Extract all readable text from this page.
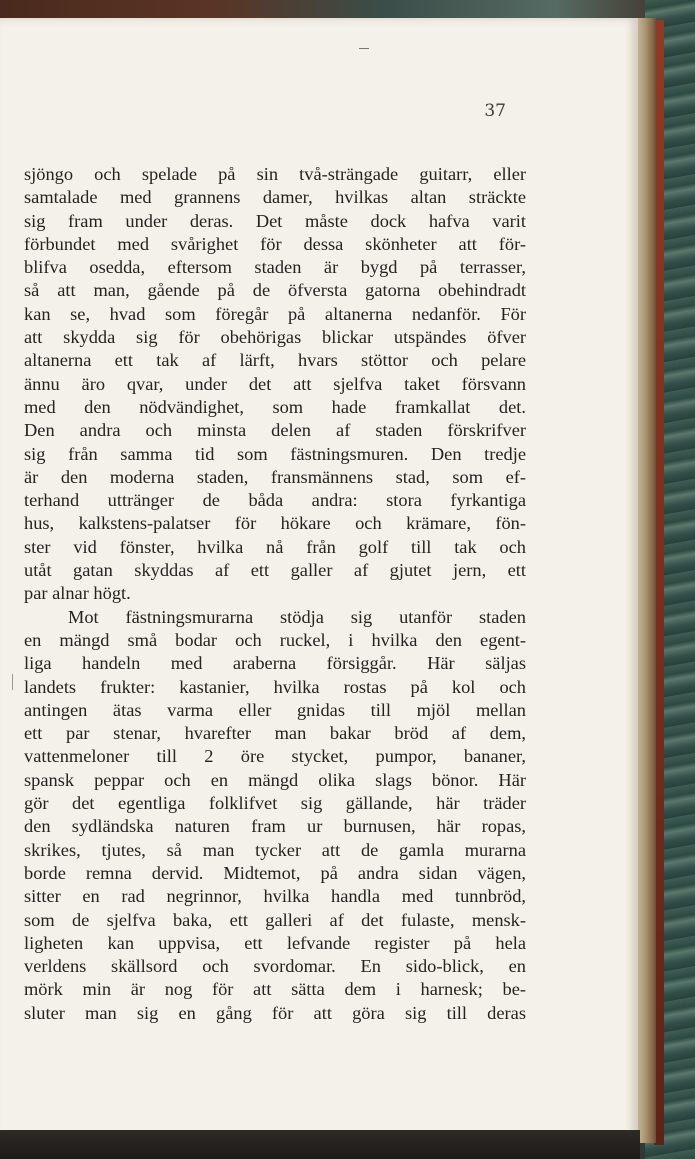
37
sjöngo och spelade på sin två-strängade guitarr, eller
samtalade med grannens damer, hvilkas altan sträckte
sig fram under deras. Det måste dock hafva varit
förbundet med svårighet för dessa skönheter att för-
blifva osedda, eftersom staden är bygd på terrasser,
så att man, gående på de öfversta gatorna obehindradt
kan se, hvad som föregår på altanerna nedanför. För
att skydda sig för obehörigas blickar utspändes öfver
altanerna ett tak af lärft, hvars stöttor och pelare
ännu äro qvar, under det att sjelfva taket försvann
med den nödvändighet, som hade framkallat det.
Den andra och minsta delen af staden förskrifver
sig från samma tid som fästningsmuren. Den tredje
är den moderna staden, fransmännens stad, som ef-
terhand uttränger de båda andra: stora fyrkantiga
hus, kalkstens-palatser för hökare och krämare, fön-
ster vid fönster, hvilka nå från golf till tak och
utåt gatan skyddas af ett galler af gjutet jern, ett
par alnar högt.
Mot fästningsmurarna stödja sig utanför staden
en mängd små bodar och ruckel, i hvilka den egent-
liga handeln med araberna försiggår. Här säljas
landets frukter: kastanier, hvilka rostas på kol och
antingen ätas varma eller gnidas till mjöl mellan
ett par stenar, hvarefter man bakar bröd af dem,
vattenmeloner till 2 öre stycket, pumpor, bananer,
spansk peppar och en mängd olika slags bönor. Här
gör det egentliga folklifvet sig gällande, här träder
den sydländska naturen fram ur burnusen, här ropas,
skrikes, tjutes, så man tycker att de gamla murarna
borde remna dervid. Midtemot, på andra sidan vägen,
sitter en rad negrinnor, hvilka handla med tunnbröd,
som de sjelfva baka, ett galleri af det fulaste, mensk-
ligheten kan uppvisa, ett lefvande register på hela
verldens skällsord och svordomar. En sido-blick, en
mörk min är nog för att sätta dem i harnesk; be-
sluter man sig en gång för att göra sig till deras
